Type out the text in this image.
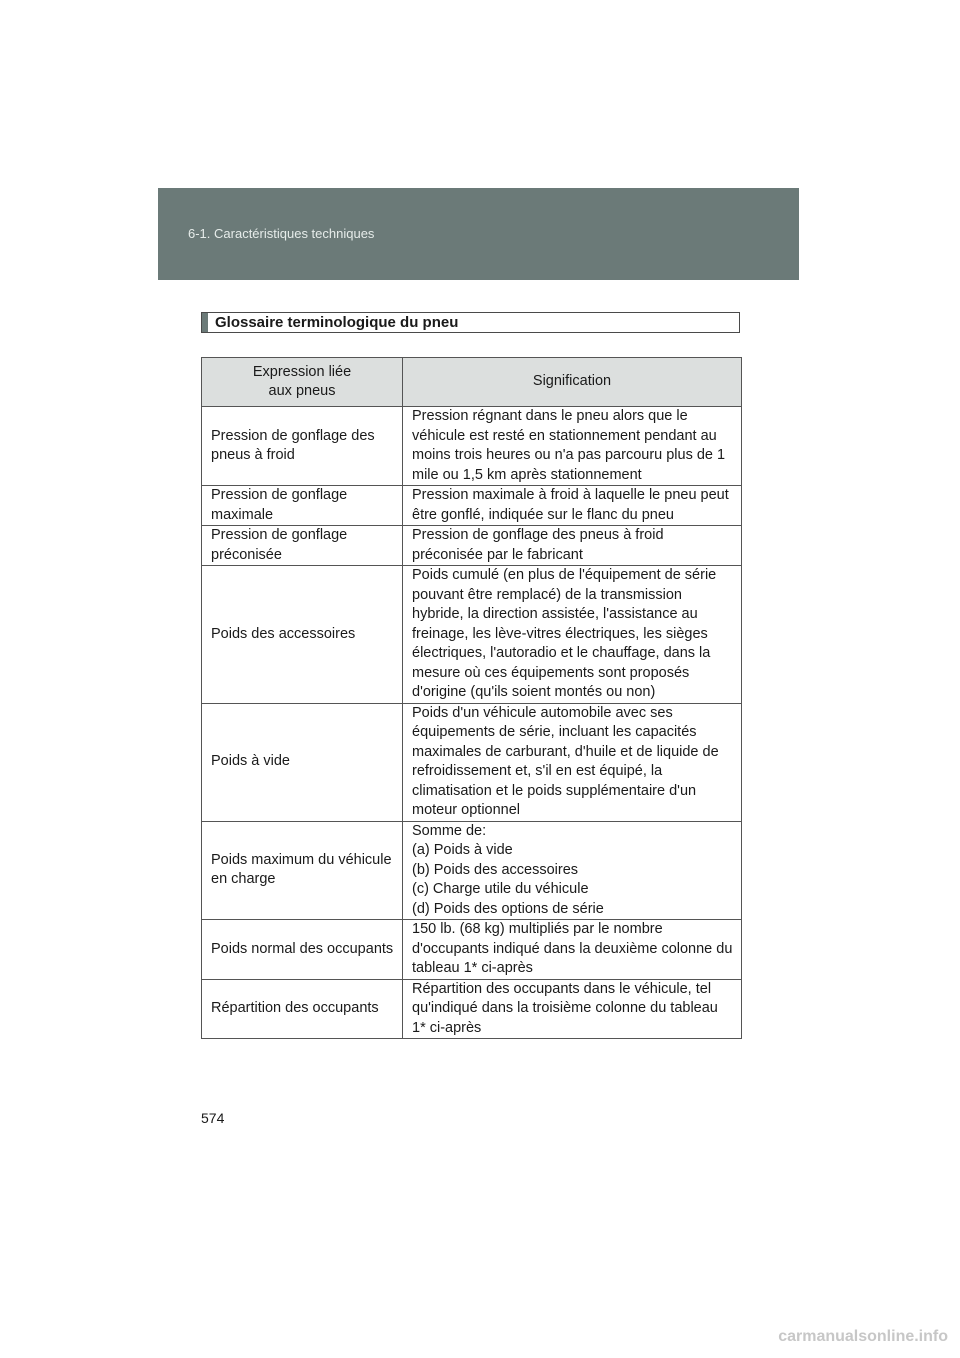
6-1. Caractéristiques techniques
Glossaire terminologique du pneu
Expression liée aux pneus	Signification
Pression de gonflage des pneus à froid	Pression régnant dans le pneu alors que le véhicule est resté en stationnement pendant au moins trois heures ou n'a pas parcouru plus de 1 mile ou 1,5 km après stationnement

Pression de gonflage maximale	Pression maximale à froid à laquelle le pneu peut être gonflé, indiquée sur le flanc du pneu

Pression de gonflage préconisée	Pression de gonflage des pneus à froid préconisée par le fabricant

Poids des accessoires	Poids cumulé (en plus de l'équipement de série pouvant être remplacé) de la transmission hybride, la direction assistée, l'assistance au freinage, les lève-vitres électriques, les sièges électriques, l'autoradio et le chauffage, dans la mesure où ces équipements sont proposés d'origine (qu'ils soient montés ou non)

Poids à vide	Poids d'un véhicule automobile avec ses équipements de série, incluant les capacités maximales de carburant, d'huile et de liquide de refroidissement et, s'il en est équipé, la climatisation et le poids supplémentaire d'un moteur optionnel

Poids maximum du véhicule en charge	Somme de:
(a) Poids à vide
(b) Poids des accessoires
(c) Charge utile du véhicule
(d) Poids des options de série

Poids normal des occupants	150 lb. (68 kg) multipliés par le nombre d'occupants indiqué dans la deuxième colonne du tableau 1* ci-après

Répartition des occupants	Répartition des occupants dans le véhicule, tel qu'indiqué dans la troisième colonne du tableau 1* ci-après
574
carmanualsonline.info
